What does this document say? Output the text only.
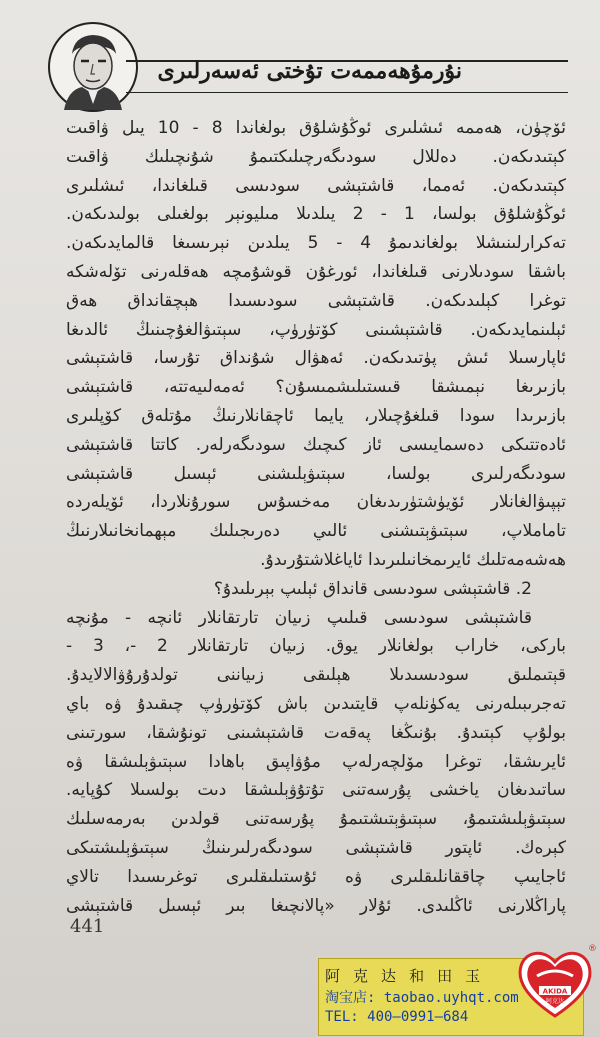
نۇرمۇھەممەت تۇختى ئەسەرلىرى
ئۆچۈن، ھەممە ئىشلىرى ئوڭۇشلۇق بولغاندا 8 - 10 يىل ۋاقىت
كېتىدىكەن. دەللال سودىگەرچىلىكتىمۇ شۇنچىلىك ۋاقىت
كېتىدىكەن. ئەمما، قاشتېشى سودىسى قىلغاندا، ئىشلىرى
ئوڭۇشلۇق بولسا، 1 - 2 يىلدىلا مىليونېر بولغىلى بولىدىكەن.
تەكرارلىنىشلا بولغاندىمۇ 4 - 5 يىلدىن نېرىسىغا قالمايدىكەن.
باشقا سودىلارنى قىلغاندا، ئورغۇن قوشۇمچە ھەقلەرنى تۆلەشكە
توغرا كېلىدىكەن. قاشتېشى سودىسىدا ھېچقانداق ھەق
ئېلىنمايدىكەن. قاشتېشىنى كۆتۈرۈپ، سېتىۋالغۇچىنىڭ ئالدىغا
ئاپارسىلا ئىش پۈتىدىكەن. ئەھۋال شۇنداق تۇرسا، قاشتېشى
بازىرىغا نېمىشقا قىستىلىشمىسۇن؟ ئەمەلىيەتتە، قاشتېشى
بازىرىدا سودا قىلغۇچىلار، يايما ئاچقانلارنىڭ مۇتلەق كۆپلىرى
ئادەتتىكى دەسمايىسى ئاز كىچىك سودىگەرلەر. كاتتا قاشتېشى
سودىگەرلىرى بولسا، سېتىۋېلىشنى ئېسىل قاشتېشى
تېپىۋالغانلار ئۆيۈشتۈرىدىغان مەخسۇس سورۇنلاردا، ئۆيلەردە
تاماملاپ، سېتىۋېتىشنى ئالىي دەرىجىلىك مېھمانخانىلارنىڭ
ھەشەمەتلىك ئايرىمخانىلىرىدا ئاياغلاشتۇرىدۇ.
2. قاشتېشى سودىسى قانداق ئېلىپ بېرىلىدۇ؟
قاشتېشى سودىسى قىلىپ زىيان تارتقانلار ئانچە - مۇنچە
باركى، خاراب بولغانلار يوق. زىيان تارتقانلار 2 -، 3 -
قېتىملىق سودىسىدىلا ھېلىقى زىياننى تولدۇرۇۋالالايدۇ.
تەجرىبىلەرنى يەكۈنلەپ قايتىدىن باش كۆتۈرۈپ چىقىدۇ ۋە باي
بولۇپ كېتىدۇ. بۇنىڭغا پەقەت قاشتېشىنى تونۇشقا، سورتىنى
ئايرىشقا، توغرا مۆلچەرلەپ مۇۋاپىق باھادا سېتىۋېلىشقا ۋە
ساتىدىغان ياخشى پۇرسەتنى تۇتۇۋېلىشقا دىت بولسىلا كۇپايە.
سېتىۋېلىشتىمۇ، سېتىۋېتىشتىمۇ پۇرسەتنى قولدىن بەرمەسلىك
كېرەك. ئاپتور قاشتېشى سودىگەرلىرىنىڭ سېتىۋېلىشتىكى
ئاجايىپ چاققانلىقلىرى ۋە ئۇستىلىقلىرى توغرىسىدا تالاي
پاراڭلارنى ئاڭلىدى. ئۇلار «پالانچىغا بىر ئېسىل قاشتېشى
441
阿 克 达 和 田 玉
淘宝店: taobao.uyhqt.com
TEL: 400—0991—684
AKIDA
阿克达
®
